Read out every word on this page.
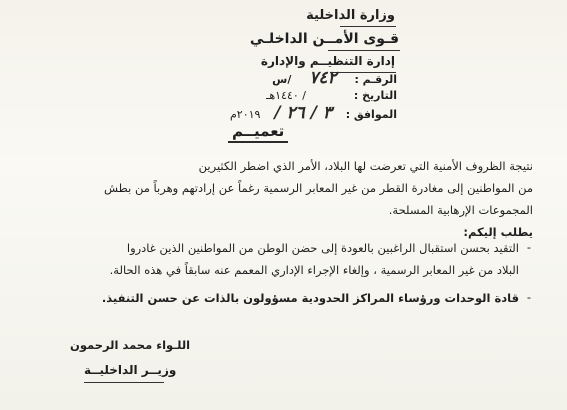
وزارة الداخلية
قـوى الأمــن الداخلـي
إدارة التنظيــم والإدارة
الرقـم : ٧٤٢ /س
التاريخ : / ١٤٤٠هـ
الموافق : ٣ / ٢٦ / ٢٠١٩م
تعميــم
نتيجة الظروف الأمنية التي تعرضت لها البلاد، الأمر الذي اضطر الكثيرين
من المواطنين إلى مغادرة القطر من غير المعابر الرسمية رغماً عن إرادتهم وهرباً من بطش
المجموعات الإرهابية المسلحة.
يطلب إليكم:
-
التقيد بحسن استقبال الراغبين بالعودة إلى حضن الوطن من المواطنين الذين غادروا
البلاد من غير المعابر الرسمية ، وإلغاء الإجراء الإداري المعمم عنه سابقاً في هذه الحالة.
-
قادة الوحدات ورؤساء المراكز الحدودية مسؤولون بالذات عن حسن التنفيذ.
اللـواء محمد الرحمون
وزيــر الداخليــة
